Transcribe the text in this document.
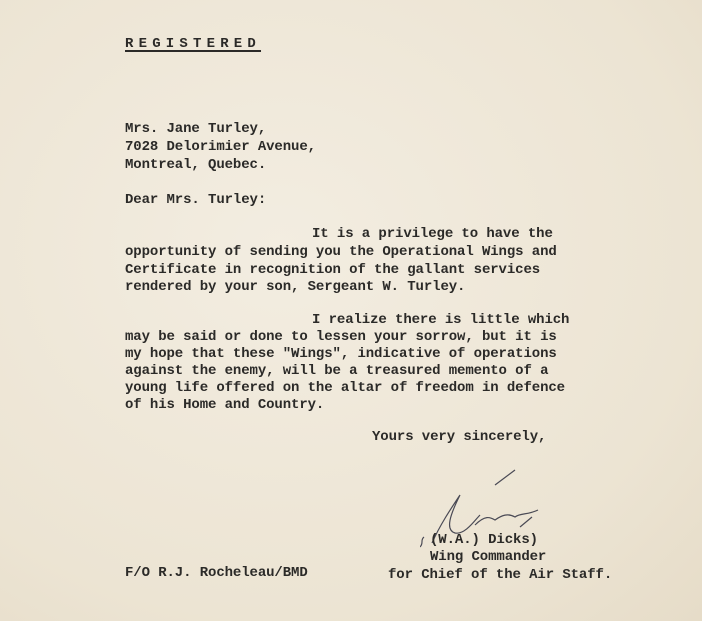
REGISTERED
Mrs. Jane Turley,
7028 Delorimier Avenue,
Montreal, Quebec.
Dear Mrs. Turley:
It is a privilege to have the
opportunity of sending you the Operational Wings and
Certificate in recognition of the gallant services
rendered by your son, Sergeant W. Turley.
I realize there is little which
may be said or done to lessen your sorrow, but it is
my hope that these "Wings", indicative of operations
against the enemy, will be a treasured memento of a
young life offered on the altar of freedom in defence
of his Home and Country.
Yours very sincerely,
(W.A.) Dicks)
Wing Commander
for Chief of the Air Staff.
F/O R.J. Rocheleau/BMD
